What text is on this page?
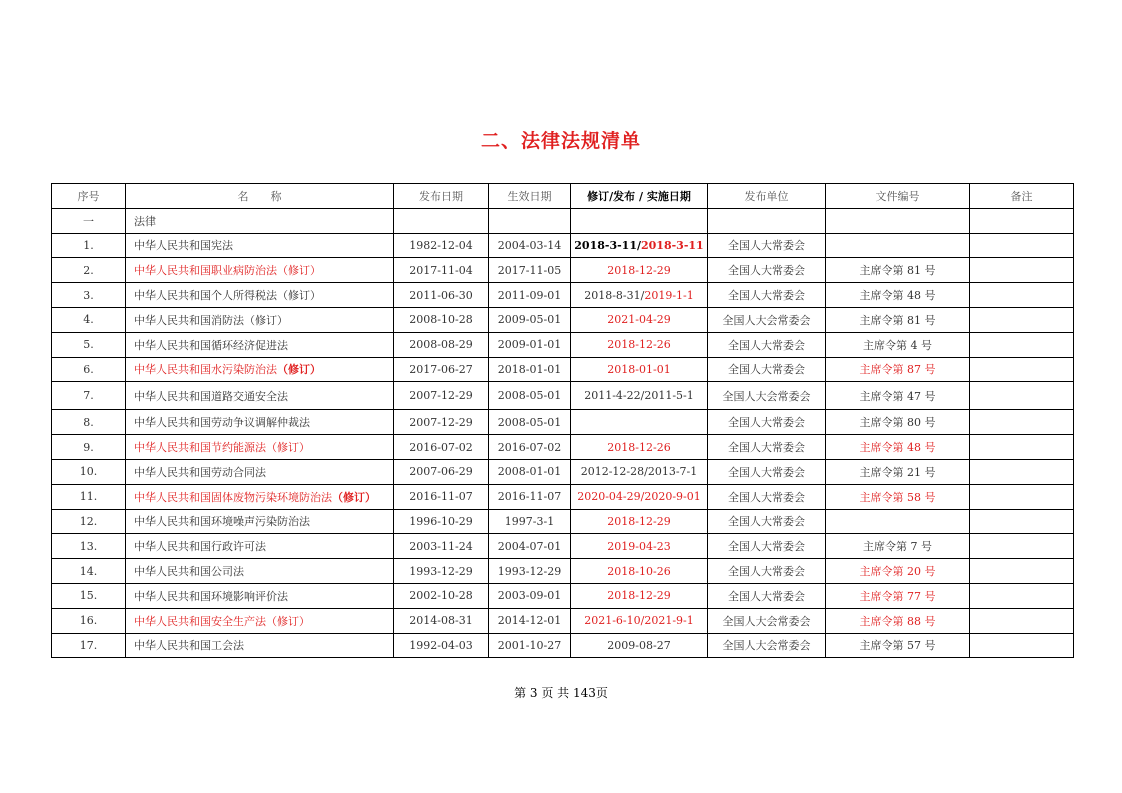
二、法律法规清单
序号	名　　称	发布日期	生效日期	修订/发布 / 实施日期	发布单位	文件编号	备注
一	法律						
1.	中华人民共和国宪法	1982-12-04	2004-03-14	2018-3-11/2018-3-11	全国人大常委会		
2.	中华人民共和国职业病防治法（修订）	2017-11-04	2017-11-05	2018-12-29	全国人大常委会	主席令第 81 号	
3.	中华人民共和国个人所得税法（修订）	2011-06-30	2011-09-01	2018-8-31/2019-1-1	全国人大常委会	主席令第 48 号	
4.	中华人民共和国消防法（修订）	2008-10-28	2009-05-01	2021-04-29	全国人大会常委会	主席令第 81 号	
5.	中华人民共和国循环经济促进法	2008-08-29	2009-01-01	2018-12-26	全国人大常委会	主席令第 4 号	
6.	中华人民共和国水污染防治法（修订）	2017-06-27	2018-01-01	2018-01-01	全国人大常委会	主席令第 87 号	
7.	中华人民共和国道路交通安全法	2007-12-29	2008-05-01	2011-4-22/2011-5-1	全国人大会常委会	主席令第 47 号	
8.	中华人民共和国劳动争议调解仲裁法	2007-12-29	2008-05-01		全国人大常委会	主席令第 80 号	
9.	中华人民共和国节约能源法（修订）	2016-07-02	2016-07-02	2018-12-26	全国人大常委会	主席令第 48 号	
10.	中华人民共和国劳动合同法	2007-06-29	2008-01-01	2012-12-28/2013-7-1	全国人大常委会	主席令第 21 号	
11.	中华人民共和国固体废物污染环境防治法（修订）	2016-11-07	2016-11-07	2020-04-29/2020-9-01	全国人大常委会	主席令第 58 号	
12.	中华人民共和国环境噪声污染防治法	1996-10-29	1997-3-1	2018-12-29	全国人大常委会		
13.	中华人民共和国行政许可法	2003-11-24	2004-07-01	2019-04-23	全国人大常委会	主席令第 7 号	
14.	中华人民共和国公司法	1993-12-29	1993-12-29	2018-10-26	全国人大常委会	主席令第 20 号	
15.	中华人民共和国环境影响评价法	2002-10-28	2003-09-01	2018-12-29	全国人大常委会	主席令第 77 号	
16.	中华人民共和国安全生产法（修订）	2014-08-31	2014-12-01	2021-6-10/2021-9-1	全国人大会常委会	主席令第 88 号	
17.	中华人民共和国工会法	1992-04-03	2001-10-27	2009-08-27	全国人大会常委会	主席令第 57 号	
第 3 页 共 143页
